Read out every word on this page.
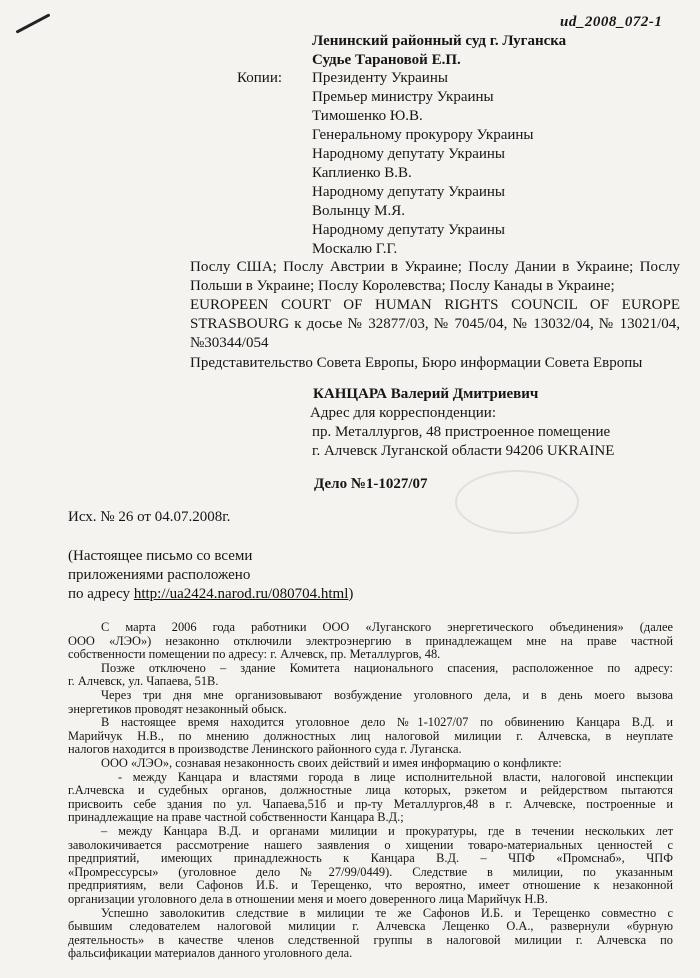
ud_2008_072-1
Ленинский районный суд г. Луганска
Судье Тарановой Е.П.
Копии: Президенту Украины
Премьер министру Украины
Тимошенко Ю.В.
Генеральному прокурору Украины
Народному депутату Украины
Каплиенко В.В.
Народному депутату Украины
Волынцу М.Я.
Народному депутату Украины
Москалю Г.Г.
Послу США; Послу Австрии в Украине; Послу Дании в Украине; Послу
Польши в Украине; Послу Королевства; Послу Канады в Украине;
EUROPEEN COURT OF HUMAN RIGHTS COUNCIL OF EUROPE
STRASBOURG к досье № 32877/03, № 7045/04, № 13032/04, № 13021/04,
№30344/054
Представительство Совета Европы, Бюро информации Совета Европы
КАНЦАРА Валерий Дмитриевич
Адрес для корреспонденции:
пр. Металлургов, 48 пристроенное помещение
г. Алчевск Луганской области 94206 UKRAINE
Дело №1-1027/07
Исх. № 26 от 04.07.2008г.
(Настоящее письмо со всеми
приложениями расположено
по адресу http://ua2424.narod.ru/080704.html)
С марта 2006 года работники ООО «Луганского энергетического объединения» (далее
ООО «ЛЭО») незаконно отключили электроэнергию в принадлежащем мне на праве частной
собственности помещении по адресу: г. Алчевск, пр. Металлургов, 48.
Позже отключено – здание Комитета национального спасения, расположенное по адресу:
г. Алчевск, ул. Чапаева, 51В.
Через три дня мне организовывают возбуждение уголовного дела, и в день моего вызова
энергетиков проводят незаконный обыск.
В настоящее время находится уголовное дело №1-1027/07 по обвинению Канцара В.Д. и
Марийчук Н.В., по мнению должностных лиц налоговой милиции г. Алчевска, в неуплате
налогов находится в производстве Ленинского районного суда г. Луганска.
ООО «ЛЭО», сознавая незаконность своих действий и имея информацию о конфликте:
- между Канцара и властями города в лице исполнительной власти, налоговой инспекции
г.Алчевска и судебных органов, должностные лица которых, рэкетом и рейдерством пытаются
присвоить себе здания по ул. Чапаева,51б и пр-ту Металлургов,48 в г. Алчевске, построенные и
принадлежащие на праве частной собственности Канцара В.Д.;
– между Канцара В.Д. и органами милиции и прокуратуры, где в течении нескольких лет
заволокичивается рассмотрение нашего заявления о хищении товаро-материальных ценностей с
предприятий, имеющих принадлежность к Канцара В.Д. – ЧПФ «Промснаб», ЧПФ
«Промрессурсы» (уголовное дело №27/99/0449). Следствие в милиции, по указанным
предприятиям, вели Сафонов И.Б. и Терещенко, что вероятно, имеет отношение к незаконной
организации уголовного дела в отношении меня и моего доверенного лица Марийчук Н.В.
Успешно заволокитив следствие в милиции те же Сафонов И.Б. и Терещенко совместно с
бывшим следователем налоговой милиции г. Алчевска Лещенко О.А., развернули «бурную
деятельность» в качестве членов следственной группы в налоговой милиции г. Алчевска по
фальсификации материалов данного уголовного дела.
